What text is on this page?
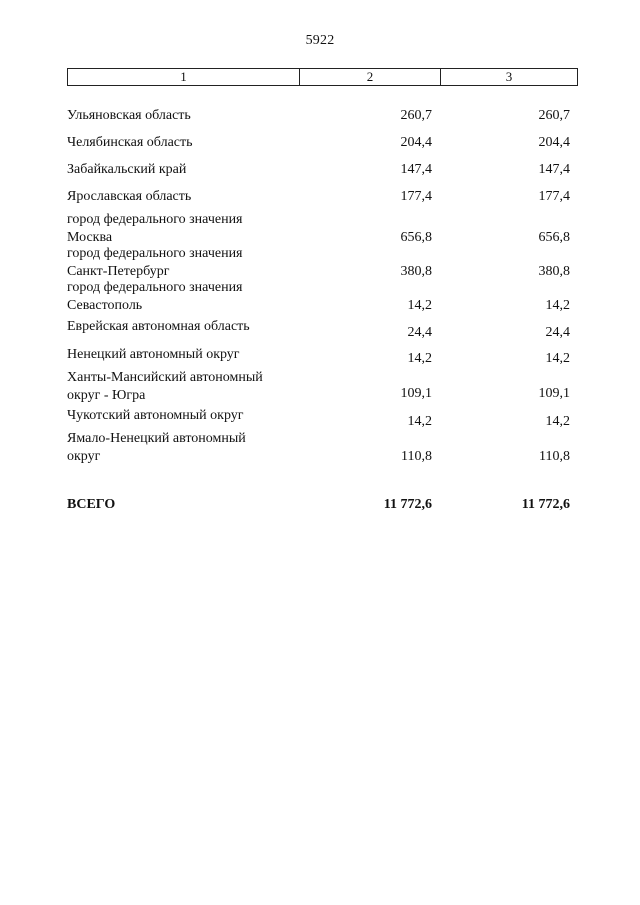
5922
1	2	3
Ульяновская область	260,7	260,7
Челябинская область	204,4	204,4
Забайкальский край	147,4	147,4
Ярославская область	177,4	177,4
город федерального значения
Москва	656,8	656,8
город федерального значения
Санкт-Петербург	380,8	380,8
город федерального значения
Севастополь	14,2	14,2
Еврейская автономная область	24,4	24,4
Ненецкий автономный округ	14,2	14,2
Ханты-Мансийский автономный
округ - Югра	109,1	109,1
Чукотский автономный округ	14,2	14,2
Ямало-Ненецкий автономный
округ	110,8	110,8
ВСЕГО	11 772,6	11 772,6
